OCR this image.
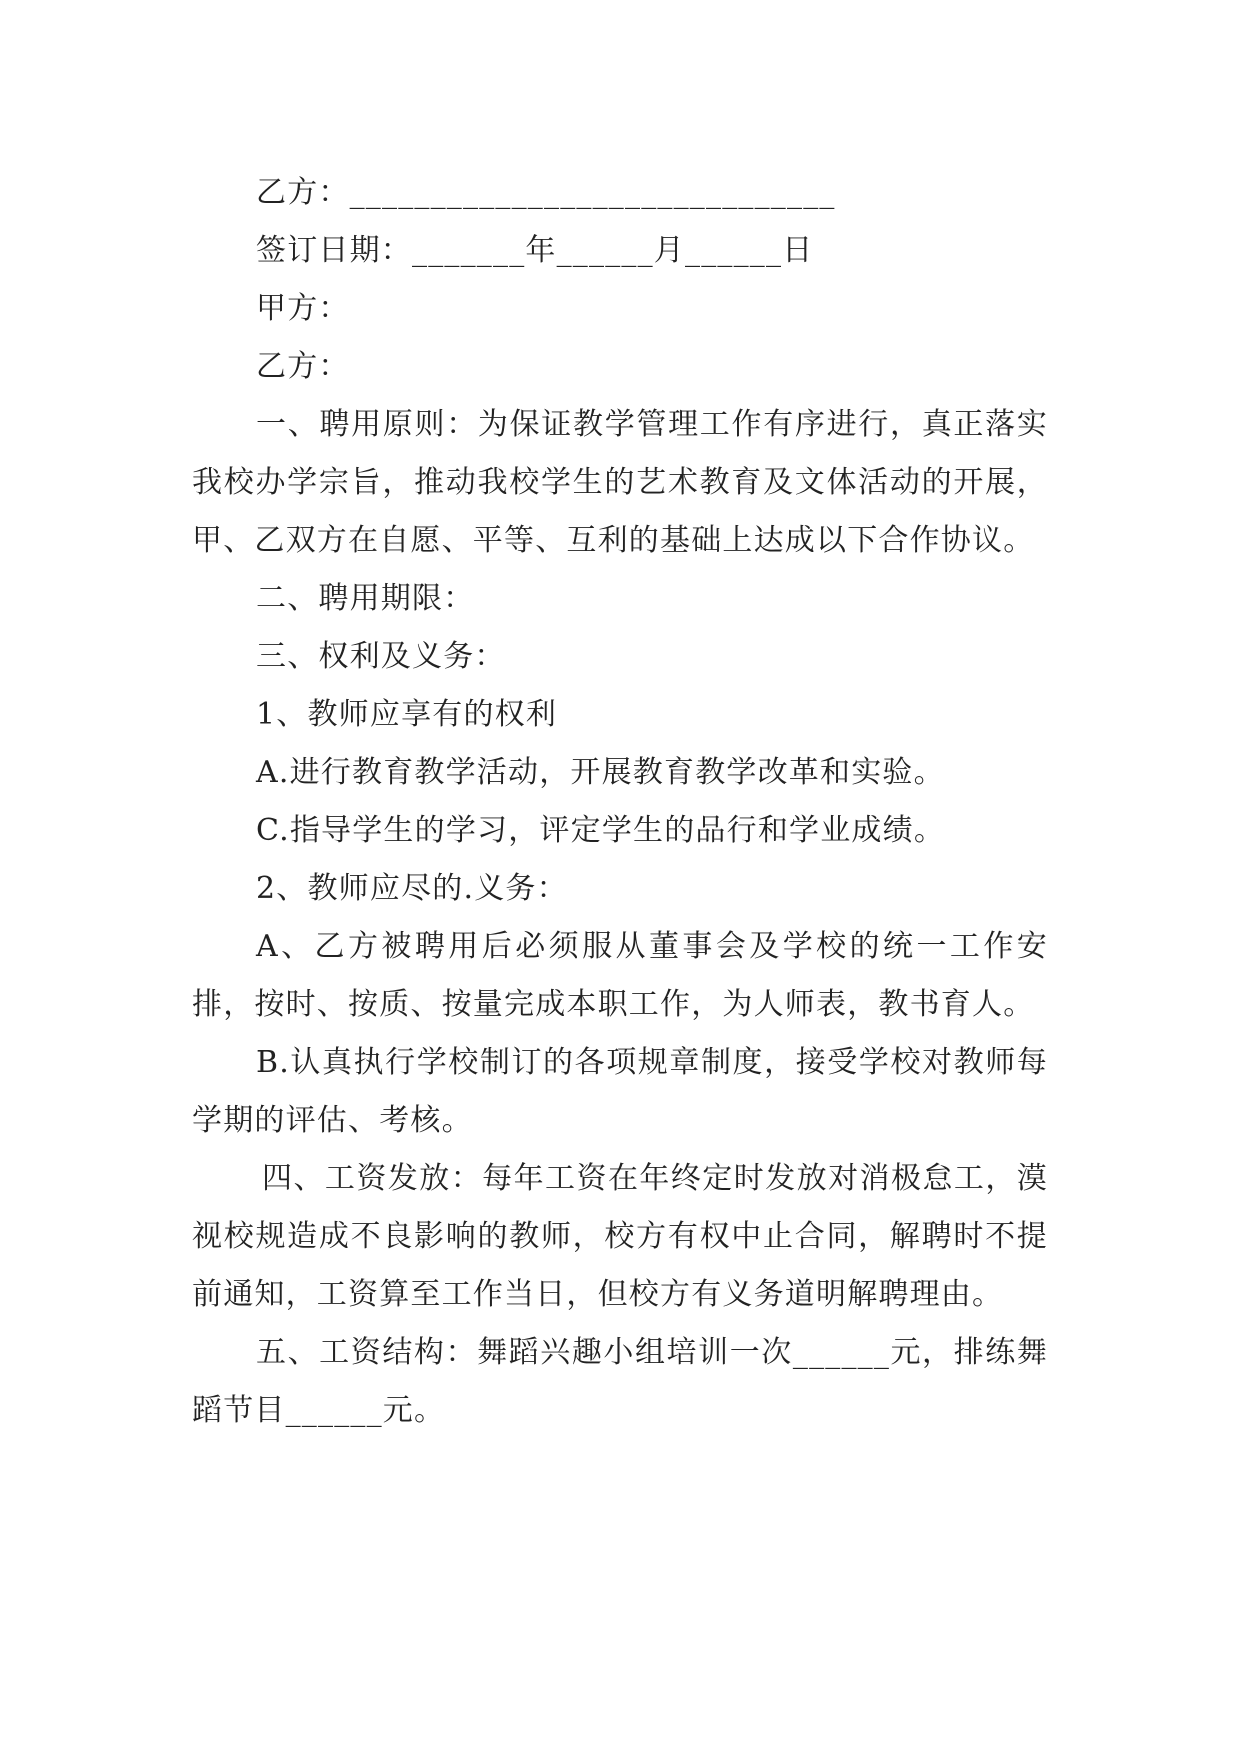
乙方：______________________________

签订日期：_______年______月______日

甲方：

乙方：

一、聘用原则：为保证教学管理工作有序进行，真正落实我校办学宗旨，推动我校学生的艺术教育及文体活动的开展，甲、乙双方在自愿、平等、互利的基础上达成以下合作协议。

二、聘用期限：

三、权利及义务：

1、教师应享有的权利

A.进行教育教学活动，开展教育教学改革和实验。

C.指导学生的学习，评定学生的品行和学业成绩。

2、教师应尽的.义务：

A、乙方被聘用后必须服从董事会及学校的统一工作安排，按时、按质、按量完成本职工作，为人师表，教书育人。

B.认真执行学校制订的各项规章制度，接受学校对教师每学期的评估、考核。

四、工资发放：每年工资在年终定时发放对消极怠工，漠视校规造成不良影响的教师，校方有权中止合同，解聘时不提前通知，工资算至工作当日，但校方有义务道明解聘理由。

五、工资结构：舞蹈兴趣小组培训一次______元，排练舞蹈节目______元。
